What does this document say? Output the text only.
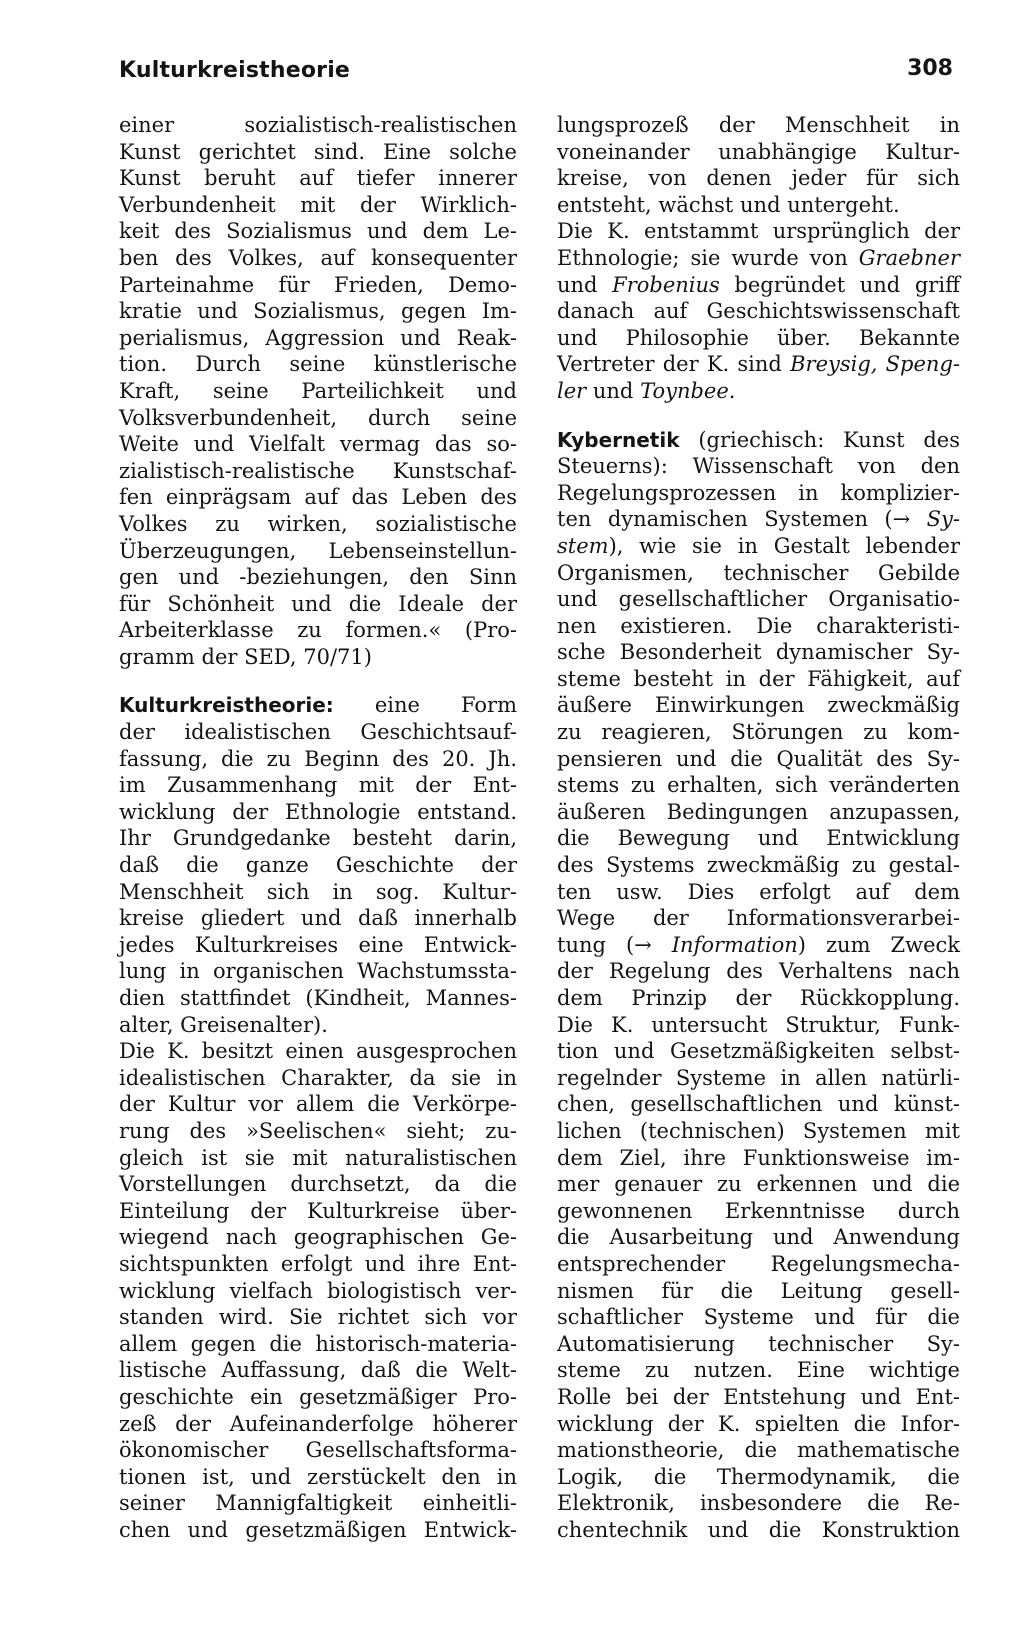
Kulturkreistheorie	308
einer sozialistisch-realistischen
Kunst gerichtet sind. Eine solche
Kunst beruht auf tiefer innerer
Verbundenheit mit der Wirklich-
keit des Sozialismus und dem Le-
ben des Volkes, auf konsequenter
Parteinahme für Frieden, Demo-
kratie und Sozialismus, gegen Im-
perialismus, Aggression und Reak-
tion. Durch seine künstlerische
Kraft, seine Parteilichkeit und
Volksverbundenheit, durch seine
Weite und Vielfalt vermag das so-
zialistisch-realistische Kunstschaf-
fen einprägsam auf das Leben des
Volkes zu wirken, sozialistische
Überzeugungen, Lebenseinstellun-
gen und -beziehungen, den Sinn
für Schönheit und die Ideale der
Arbeiterklasse zu formen.« (Pro-
gramm der SED, 70/71)
Kulturkreistheorie: eine Form
der idealistischen Geschichtsauf-
fassung, die zu Beginn des 20. Jh.
im Zusammenhang mit der Ent-
wicklung der Ethnologie entstand.
Ihr Grundgedanke besteht darin,
daß die ganze Geschichte der
Menschheit sich in sog. Kultur-
kreise gliedert und daß innerhalb
jedes Kulturkreises eine Entwick-
lung in organischen Wachstumssta-
dien stattfindet (Kindheit, Mannes-
alter, Greisenalter).
Die K. besitzt einen ausgesprochen
idealistischen Charakter, da sie in
der Kultur vor allem die Verkörpe-
rung des »Seelischen« sieht; zu-
gleich ist sie mit naturalistischen
Vorstellungen durchsetzt, da die
Einteilung der Kulturkreise über-
wiegend nach geographischen Ge-
sichtspunkten erfolgt und ihre Ent-
wicklung vielfach biologistisch ver-
standen wird. Sie richtet sich vor
allem gegen die historisch-materia-
listische Auffassung, daß die Welt-
geschichte ein gesetzmäßiger Pro-
zeß der Aufeinanderfolge höherer
ökonomischer Gesellschaftsforma-
tionen ist, und zerstückelt den in
seiner Mannigfaltigkeit einheitli-
chen und gesetzmäßigen Entwick-
lungsprozeß der Menschheit in
voneinander unabhängige Kultur-
kreise, von denen jeder für sich
entsteht, wächst und untergeht.
Die K. entstammt ursprünglich der
Ethnologie; sie wurde von Graebner
und Frobenius begründet und griff
danach auf Geschichtswissenschaft
und Philosophie über. Bekannte
Vertreter der K. sind Breysig, Speng-
ler und Toynbee.
Kybernetik (griechisch: Kunst des
Steuerns): Wissenschaft von den
Regelungsprozessen in komplizier-
ten dynamischen Systemen (→ Sy-
stem), wie sie in Gestalt lebender
Organismen, technischer Gebilde
und gesellschaftlicher Organisatio-
nen existieren. Die charakteristi-
sche Besonderheit dynamischer Sy-
steme besteht in der Fähigkeit, auf
äußere Einwirkungen zweckmäßig
zu reagieren, Störungen zu kom-
pensieren und die Qualität des Sy-
stems zu erhalten, sich veränderten
äußeren Bedingungen anzupassen,
die Bewegung und Entwicklung
des Systems zweckmäßig zu gestal-
ten usw. Dies erfolgt auf dem
Wege der Informationsverarbei-
tung (→ Information) zum Zweck
der Regelung des Verhaltens nach
dem Prinzip der Rückkopplung.
Die K. untersucht Struktur, Funk-
tion und Gesetzmäßigkeiten selbst-
regelnder Systeme in allen natürli-
chen, gesellschaftlichen und künst-
lichen (technischen) Systemen mit
dem Ziel, ihre Funktionsweise im-
mer genauer zu erkennen und die
gewonnenen Erkenntnisse durch
die Ausarbeitung und Anwendung
entsprechender Regelungsmecha-
nismen für die Leitung gesell-
schaftlicher Systeme und für die
Automatisierung technischer Sy-
steme zu nutzen. Eine wichtige
Rolle bei der Entstehung und Ent-
wicklung der K. spielten die Infor-
mationstheorie, die mathematische
Logik, die Thermodynamik, die
Elektronik, insbesondere die Re-
chentechnik und die Konstruktion
